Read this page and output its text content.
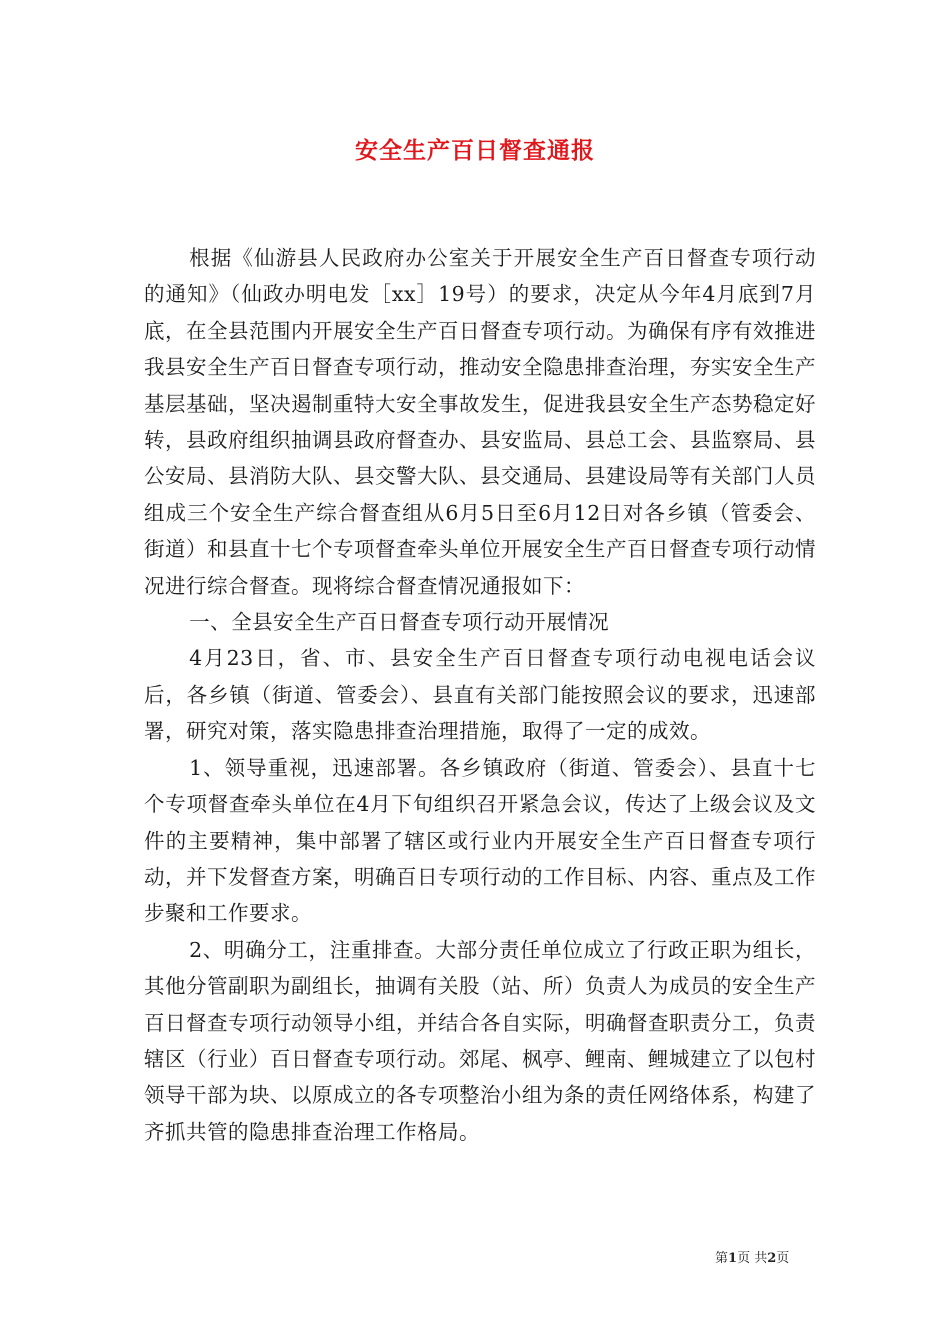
安全生产百日督查通报

根据《仙游县人民政府办公室关于开展安全生产百日督查专项行动的通知》（仙政办明电发［xx］19号）的要求，决定从今年4月底到7月底，在全县范围内开展安全生产百日督查专项行动。为确保有序有效推进我县安全生产百日督查专项行动，推动安全隐患排查治理，夯实安全生产基层基础，坚决遏制重特大安全事故发生，促进我县安全生产态势稳定好转，县政府组织抽调县政府督查办、县安监局、县总工会、县监察局、县公安局、县消防大队、县交警大队、县交通局、县建设局等有关部门人员组成三个安全生产综合督查组从6月5日至6月12日对各乡镇（管委会、街道）和县直十七个专项督查牵头单位开展安全生产百日督查专项行动情况进行综合督查。现将综合督查情况通报如下：

一、全县安全生产百日督查专项行动开展情况

4月23日，省、市、县安全生产百日督查专项行动电视电话会议后，各乡镇（街道、管委会）、县直有关部门能按照会议的要求，迅速部署，研究对策，落实隐患排查治理措施，取得了一定的成效。

1、领导重视，迅速部署。各乡镇政府（街道、管委会）、县直十七个专项督查牵头单位在4月下旬组织召开紧急会议，传达了上级会议及文件的主要精神，集中部署了辖区或行业内开展安全生产百日督查专项行动，并下发督查方案，明确百日专项行动的工作目标、内容、重点及工作步聚和工作要求。

2、明确分工，注重排查。大部分责任单位成立了行政正职为组长，其他分管副职为副组长，抽调有关股（站、所）负责人为成员的安全生产百日督查专项行动领导小组，并结合各自实际，明确督查职责分工，负责辖区（行业）百日督查专项行动。郊尾、枫亭、鲤南、鲤城建立了以包村领导干部为块、以原成立的各专项整治小组为条的责任网络体系，构建了齐抓共管的隐患排查治理工作格局。

第1页 共2页
